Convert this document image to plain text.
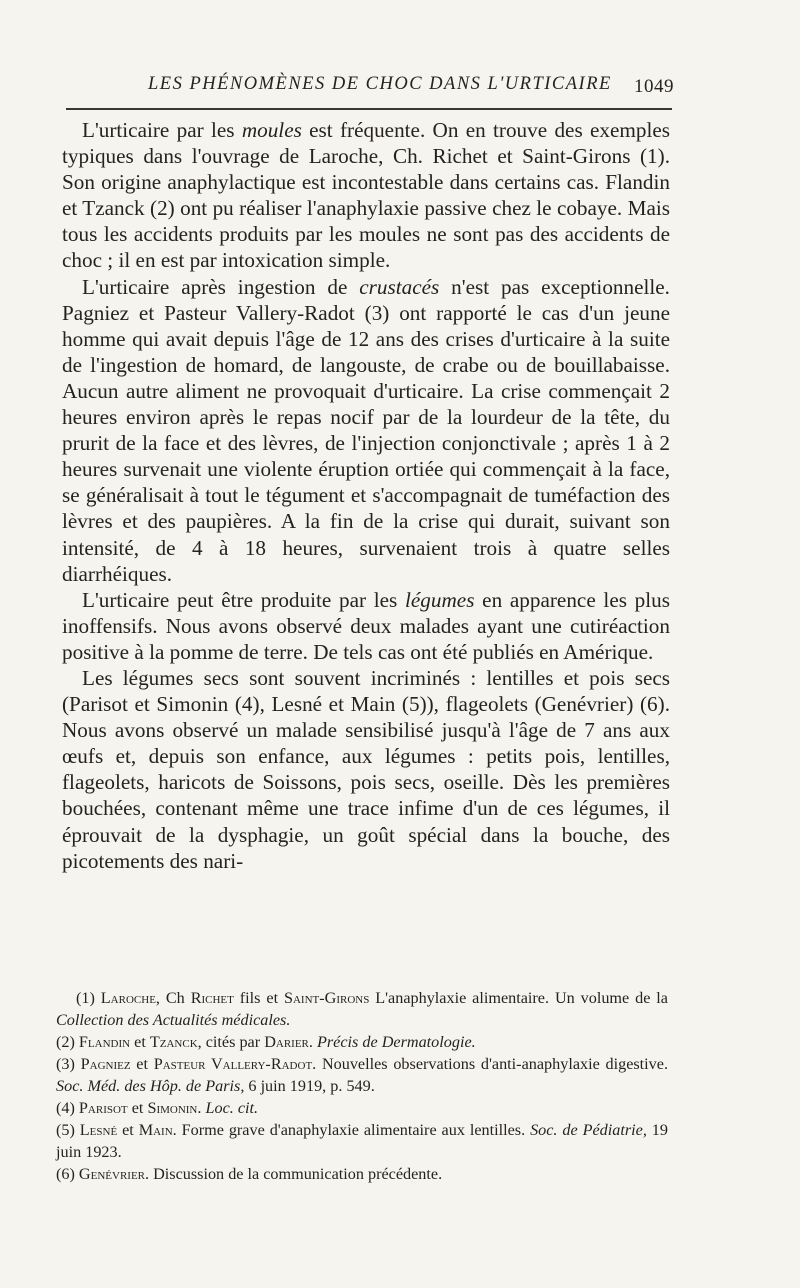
LES PHÉNOMÈNES DE CHOC DANS L'URTICAIRE 1049

L'urticaire par les moules est fréquente. On en trouve des exemples typiques dans l'ouvrage de Laroche, Ch. Richet et Saint-Girons (1). Son origine anaphylactique est incontestable dans certains cas. Flandin et Tzanck (2) ont pu réaliser l'anaphylaxie passive chez le cobaye. Mais tous les accidents produits par les moules ne sont pas des accidents de choc ; il en est par intoxication simple.

L'urticaire après ingestion de crustacés n'est pas exceptionnelle. Pagniez et Pasteur Vallery-Radot (3) ont rapporté le cas d'un jeune homme qui avait depuis l'âge de 12 ans des crises d'urticaire à la suite de l'ingestion de homard, de langouste, de crabe ou de bouillabaisse. Aucun autre aliment ne provoquait d'urticaire. La crise commençait 2 heures environ après le repas nocif par de la lourdeur de la tête, du prurit de la face et des lèvres, de l'injection conjonctivale ; après 1 à 2 heures survenait une violente éruption ortiée qui commençait à la face, se généralisait à tout le tégument et s'accompagnait de tuméfaction des lèvres et des paupières. A la fin de la crise qui durait, suivant son intensité, de 4 à 18 heures, survenaient trois à quatre selles diarrhéiques.

L'urticaire peut être produite par les légumes en apparence les plus inoffensifs. Nous avons observé deux malades ayant une cutiréaction positive à la pomme de terre. De tels cas ont été publiés en Amérique.

Les légumes secs sont souvent incriminés : lentilles et pois secs (Parisot et Simonin (4), Lesné et Main (5)), flageolets (Genévrier) (6). Nous avons observé un malade sensibilisé jusqu'à l'âge de 7 ans aux œufs et, depuis son enfance, aux légumes : petits pois, lentilles, flageolets, haricots de Soissons, pois secs, oseille. Dès les premières bouchées, contenant même une trace infime d'un de ces légumes, il éprouvait de la dysphagie, un goût spécial dans la bouche, des picotements des nari-

(1) Laroche, Ch Richet fils et Saint-Girons L'anaphylaxie alimentaire. Un volume de la Collection des Actualités médicales.

(2) Flandin et Tzanck, cités par Darier. Précis de Dermatologie.

(3) Pagniez et Pasteur Vallery-Radot. Nouvelles observations d'anti-anaphylaxie digestive. Soc. Méd. des Hôp. de Paris, 6 juin 1919, p. 549.

(4) Parisot et Simonin. Loc. cit.

(5) Lesné et Main. Forme grave d'anaphylaxie alimentaire aux lentilles. Soc. de Pédiatrie, 19 juin 1923.

(6) Genévrier. Discussion de la communication précédente.
